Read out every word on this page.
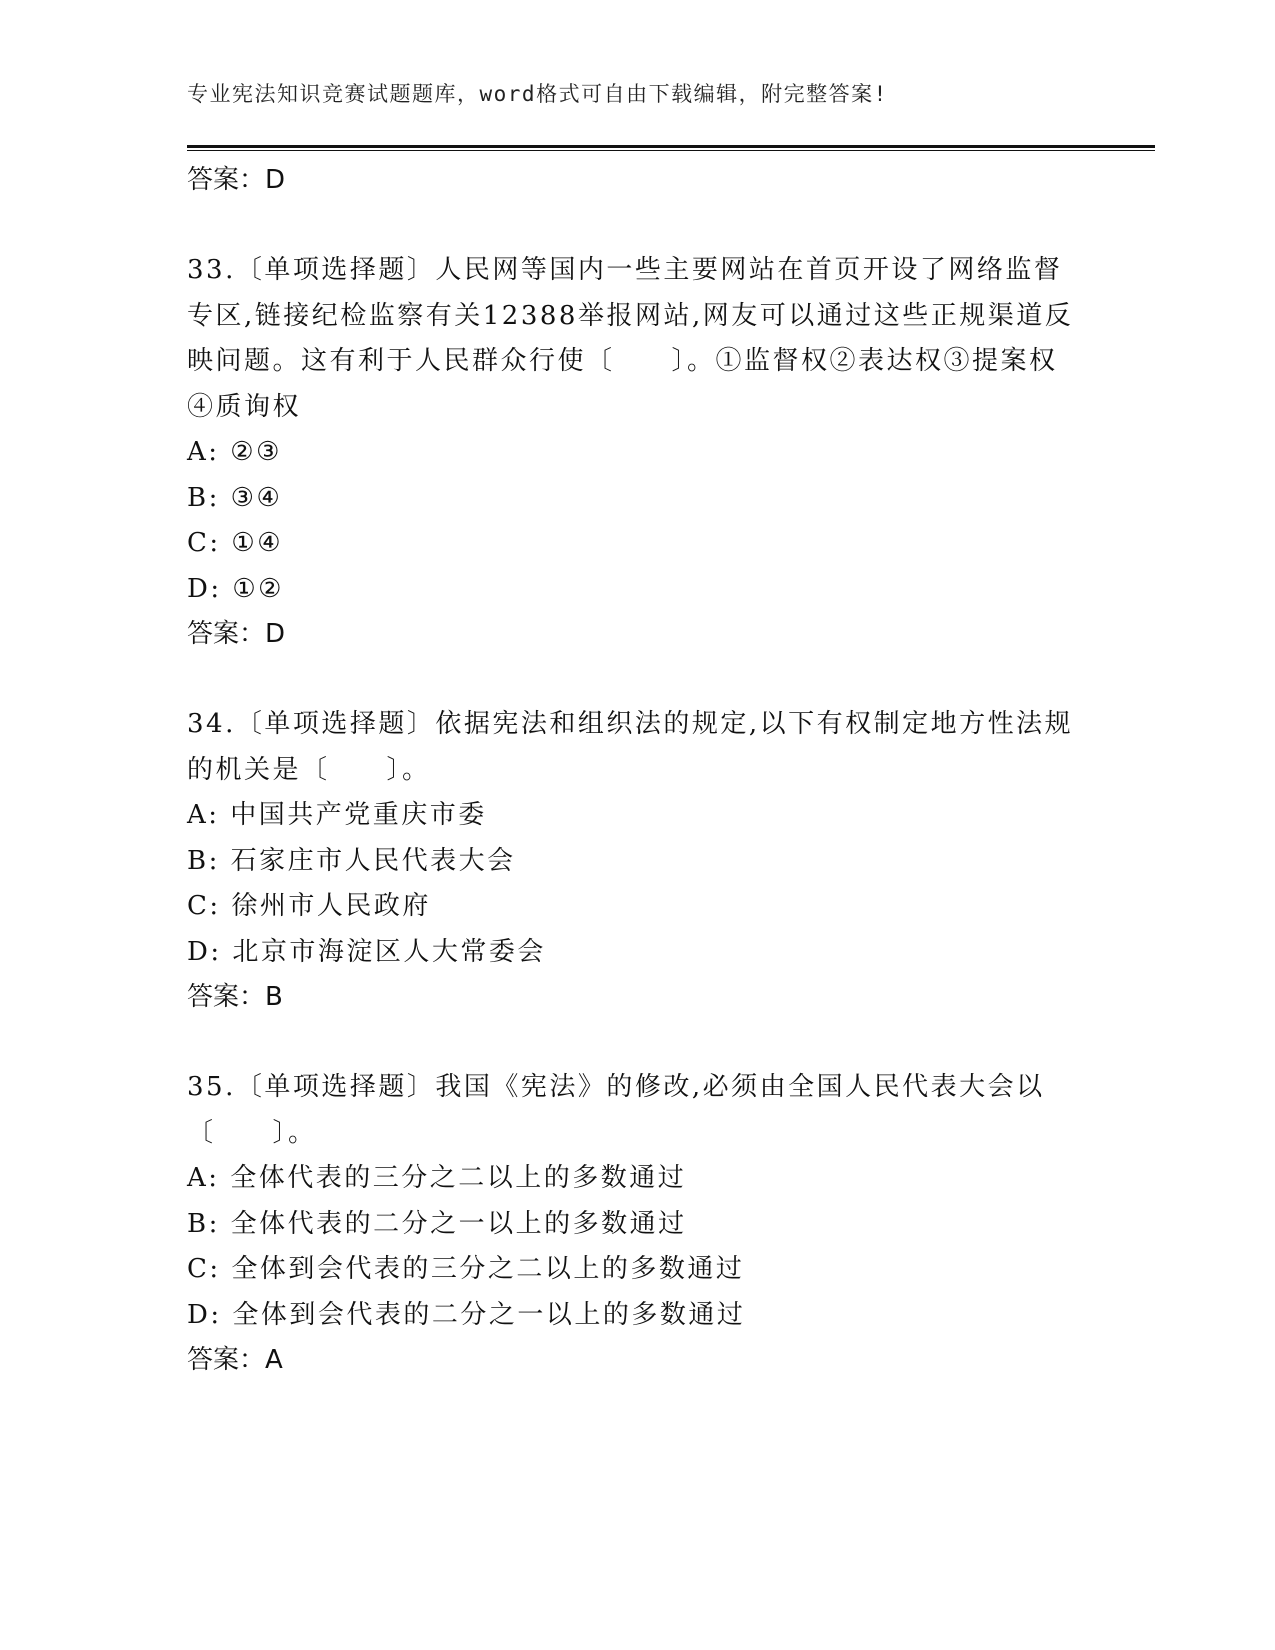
专业宪法知识竞赛试题题库，word格式可自由下载编辑，附完整答案!
答案：D
33.〔单项选择题〕人民网等国内一些主要网站在首页开设了网络监督专区,链接纪检监察有关12388举报网站,网友可以通过这些正规渠道反映问题。这有利于人民群众行使〔　　〕。①监督权②表达权③提案权④质询权
A: ②③
B: ③④
C: ①④
D: ①②
答案：D
34.〔单项选择题〕依据宪法和组织法的规定,以下有权制定地方性法规的机关是〔　　〕。
A: 中国共产党重庆市委
B: 石家庄市人民代表大会
C: 徐州市人民政府
D: 北京市海淀区人大常委会
答案：B
35.〔单项选择题〕我国《宪法》的修改,必须由全国人民代表大会以〔　　〕。
A: 全体代表的三分之二以上的多数通过
B: 全体代表的二分之一以上的多数通过
C: 全体到会代表的三分之二以上的多数通过
D: 全体到会代表的二分之一以上的多数通过
答案：A
